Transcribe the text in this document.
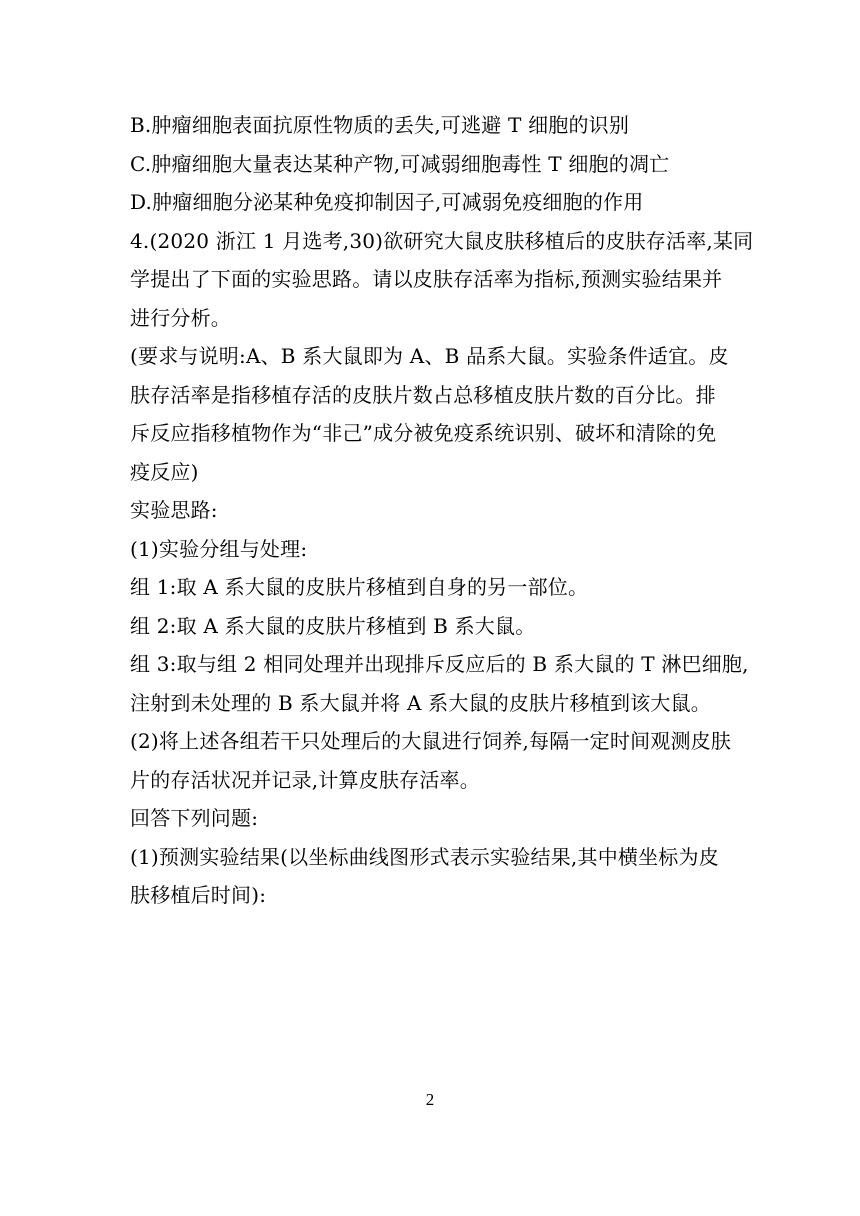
B.肿瘤细胞表面抗原性物质的丢失,可逃避 T 细胞的识别
C.肿瘤细胞大量表达某种产物,可减弱细胞毒性 T 细胞的凋亡
D.肿瘤细胞分泌某种免疫抑制因子,可减弱免疫细胞的作用
4.(2020 浙江 1 月选考,30)欲研究大鼠皮肤移植后的皮肤存活率,某同
学提出了下面的实验思路。请以皮肤存活率为指标,预测实验结果并
进行分析。
(要求与说明:A、B 系大鼠即为 A、B 品系大鼠。实验条件适宜。皮
肤存活率是指移植存活的皮肤片数占总移植皮肤片数的百分比。排
斥反应指移植物作为“非己”成分被免疫系统识别、破坏和清除的免
疫反应)
实验思路:
(1)实验分组与处理:
组 1:取 A 系大鼠的皮肤片移植到自身的另一部位。
组 2:取 A 系大鼠的皮肤片移植到 B 系大鼠。
组 3:取与组 2 相同处理并出现排斥反应后的 B 系大鼠的 T 淋巴细胞,
注射到未处理的 B 系大鼠并将 A 系大鼠的皮肤片移植到该大鼠。
(2)将上述各组若干只处理后的大鼠进行饲养,每隔一定时间观测皮肤
片的存活状况并记录,计算皮肤存活率。
回答下列问题:
(1)预测实验结果(以坐标曲线图形式表示实验结果,其中横坐标为皮
肤移植后时间):
2
